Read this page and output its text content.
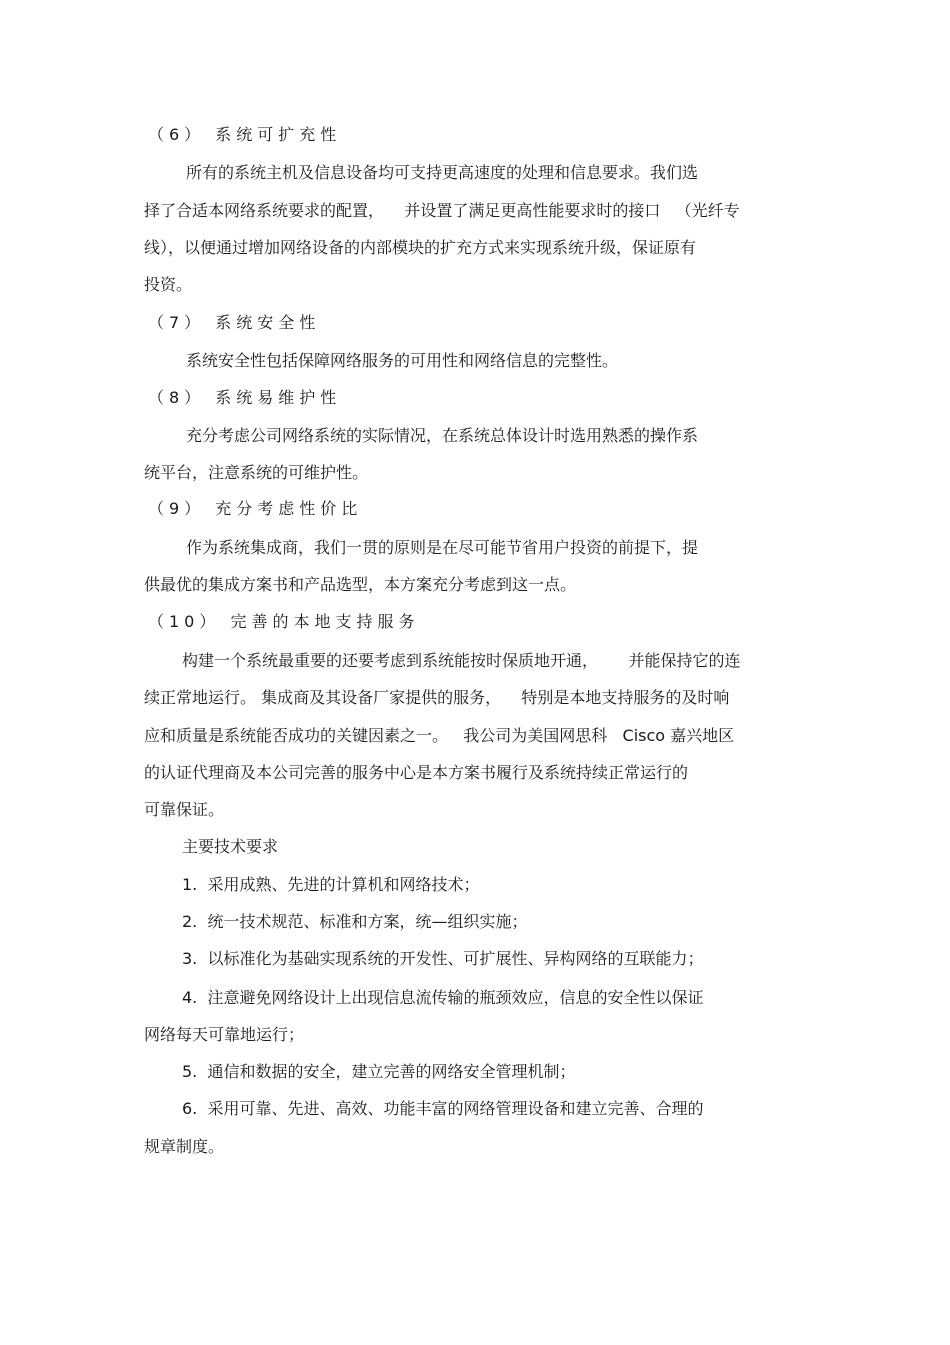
（6） 系统可扩充性
所有的系统主机及信息设备均可支持更高速度的处理和信息要求。我们选
择了合适本网络系统要求的配置，    并设置了满足更高性能要求时的接口   （光纤专
线），以便通过增加网络设备的内部模块的扩充方式来实现系统升级，保证原有
投资。
（7） 系统安全性
系统安全性包括保障网络服务的可用性和网络信息的完整性。
（8） 系统易维护性
充分考虑公司网络系统的实际情况，在系统总体设计时选用熟悉的操作系
统平台，注意系统的可维护性。
（9） 充分考虑性价比
作为系统集成商，我们一贯的原则是在尽可能节省用户投资的前提下，提
供最优的集成方案书和产品选型，本方案充分考虑到这一点。
（10） 完善的本地支持服务
构建一个系统最重要的还要考虑到系统能按时保质地开通，      并能保持它的连
续正常地运行。 集成商及其设备厂家提供的服务，    特别是本地支持服务的及时响
应和质量是系统能否成功的关键因素之一。   我公司为美国网思科   Cisco 嘉兴地区
的认证代理商及本公司完善的服务中心是本方案书履行及系统持续正常运行的
可靠保证。
主要技术要求
1.  采用成熟、先进的计算机和网络技术；
2.  统一技术规范、标准和方案，统—组织实施；
3.  以标准化为基础实现系统的开发性、可扩展性、异构网络的互联能力；
4.  注意避免网络设计上出现信息流传输的瓶颈效应，信息的安全性以保证
网络每天可靠地运行；
5.  通信和数据的安全，建立完善的网络安全管理机制；
6.  采用可靠、先进、高效、功能丰富的网络管理设备和建立完善、合理的
规章制度。
